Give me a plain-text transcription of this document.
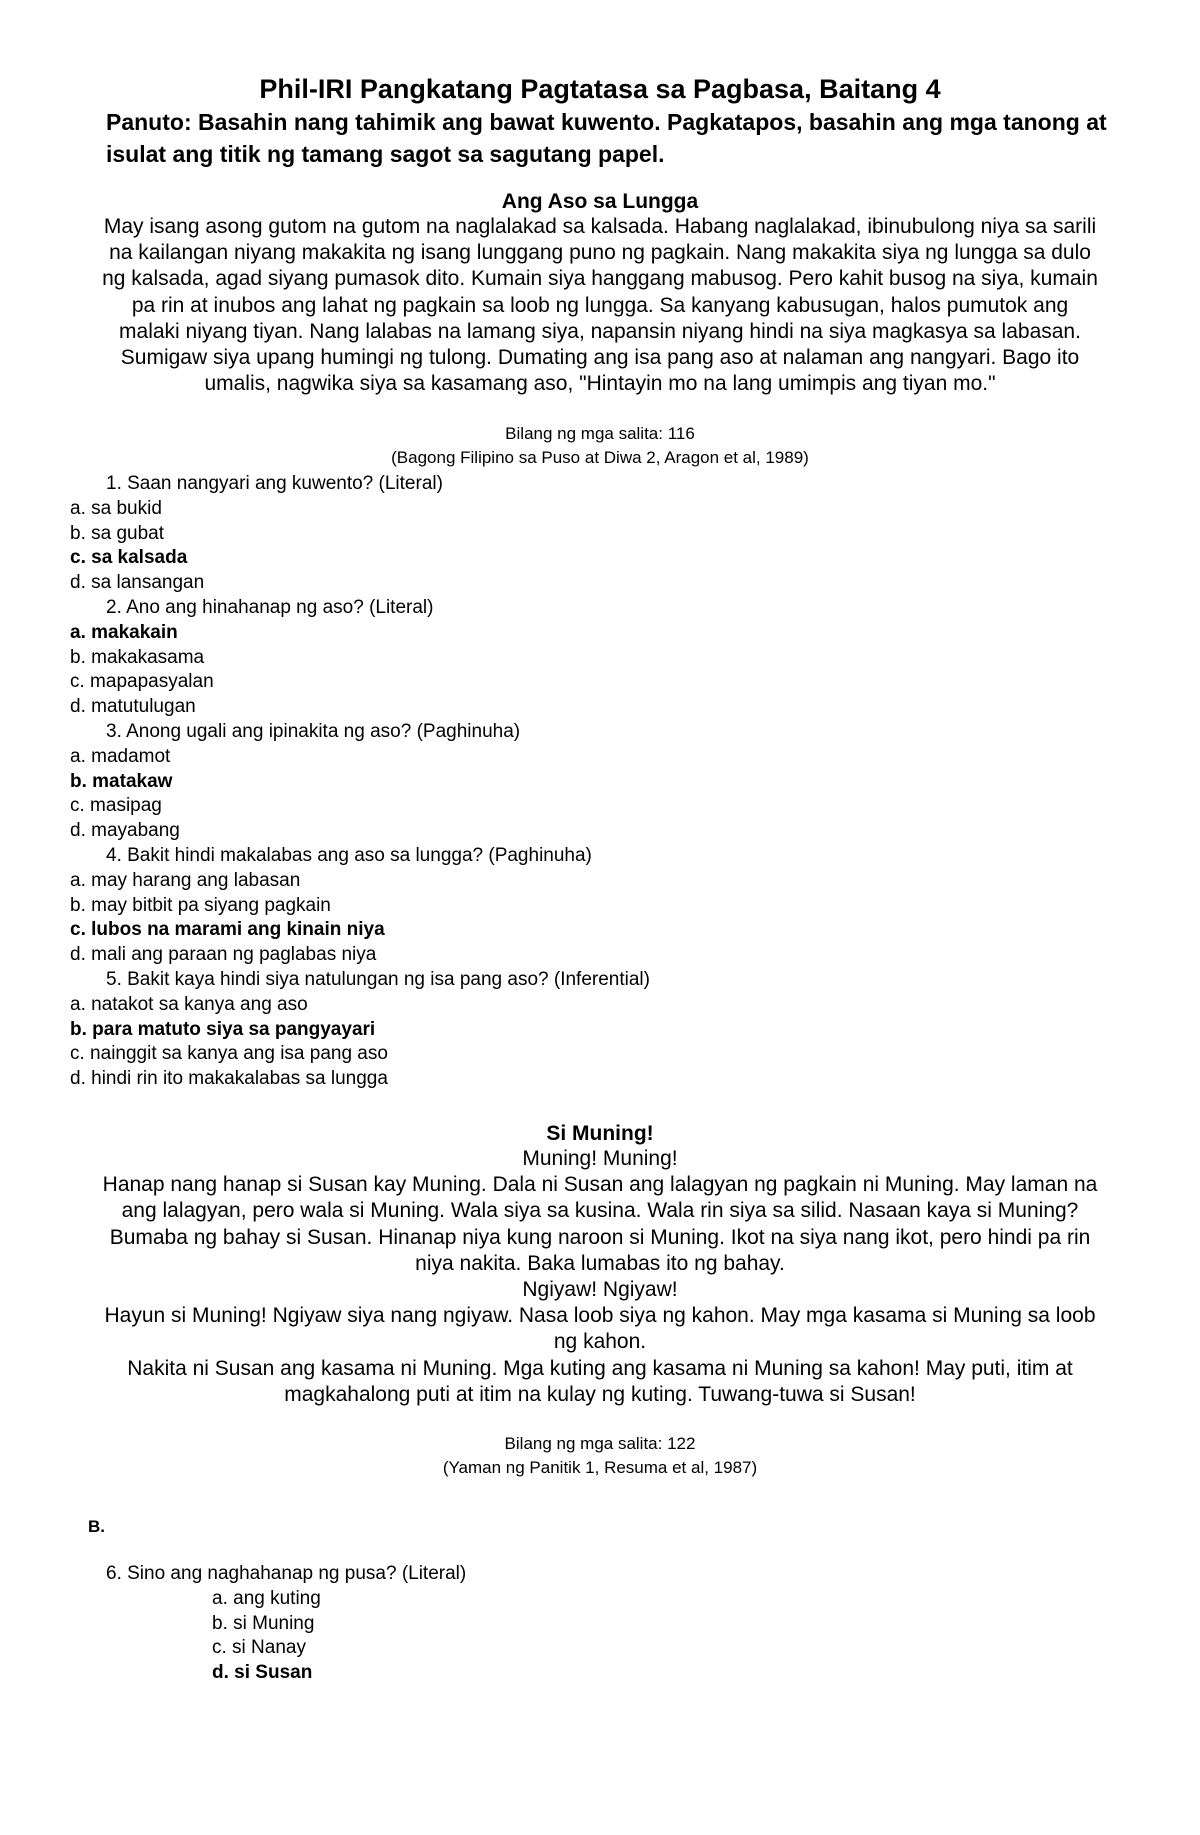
Phil-IRI Pangkatang Pagtatasa sa Pagbasa, Baitang 4
Panuto: Basahin nang tahimik ang bawat kuwento. Pagkatapos, basahin ang mga tanong at isulat ang titik ng tamang sagot sa sagutang papel.
Ang Aso sa Lungga

May isang asong gutom na gutom na naglalakad sa kalsada. Habang naglalakad, ibinubulong niya sa sarili na kailangan niyang makakita ng isang lunggang puno ng pagkain. Nang makakita siya ng lungga sa dulo ng kalsada, agad siyang pumasok dito. Kumain siya hanggang mabusog. Pero kahit busog na siya, kumain pa rin at inubos ang lahat ng pagkain sa loob ng lungga. Sa kanyang kabusugan, halos pumutok ang malaki niyang tiyan. Nang lalabas na lamang siya, napansin niyang hindi na siya magkasya sa labasan. Sumigaw siya upang humingi ng tulong. Dumating ang isa pang aso at nalaman ang nangyari. Bago ito umalis, nagwika siya sa kasamang aso, "Hintayin mo na lang umimpis ang tiyan mo."

Bilang ng mga salita: 116
(Bagong Filipino sa Puso at Diwa 2, Aragon et al, 1989)
1. Saan nangyari ang kuwento? (Literal)
a. sa bukid
b. sa gubat
c. sa kalsada
d. sa lansangan
2. Ano ang hinahanap ng aso? (Literal)
a. makakain
b. makakasama
c. mapapasyalan
d. matutulugan
3. Anong ugali ang ipinakita ng aso? (Paghinuha)
a. madamot
b. matakaw
c. masipag
d. mayabang
4. Bakit hindi makalabas ang aso sa lungga? (Paghinuha)
a. may harang ang labasan
b. may bitbit pa siyang pagkain
c. lubos na marami ang kinain niya
d. mali ang paraan ng paglabas niya
5. Bakit kaya hindi siya natulungan ng isa pang aso? (Inferential)
a. natakot sa kanya ang aso
b. para matuto siya sa pangyayari
c. nainggit sa kanya ang isa pang aso
d. hindi rin ito makakalabas sa lungga
Si Muning!

Muning! Muning!

Hanap nang hanap si Susan kay Muning. Dala ni Susan ang lalagyan ng pagkain ni Muning. May laman na ang lalagyan, pero wala si Muning. Wala siya sa kusina. Wala rin siya sa silid. Nasaan kaya si Muning?

Bumaba ng bahay si Susan. Hinanap niya kung naroon si Muning. Ikot na siya nang ikot, pero hindi pa rin niya nakita. Baka lumabas ito ng bahay.

Ngiyaw! Ngiyaw!

Hayun si Muning! Ngiyaw siya nang ngiyaw. Nasa loob siya ng kahon. May mga kasama si Muning sa loob ng kahon.

Nakita ni Susan ang kasama ni Muning. Mga kuting ang kasama ni Muning sa kahon! May puti, itim at magkahalong puti at itim na kulay ng kuting. Tuwang-tuwa si Susan!

Bilang ng mga salita: 122
(Yaman ng Panitik 1, Resuma et al, 1987)
B.
6. Sino ang naghahanap ng pusa? (Literal)
a. ang kuting
b. si Muning
c. si Nanay
d. si Susan
